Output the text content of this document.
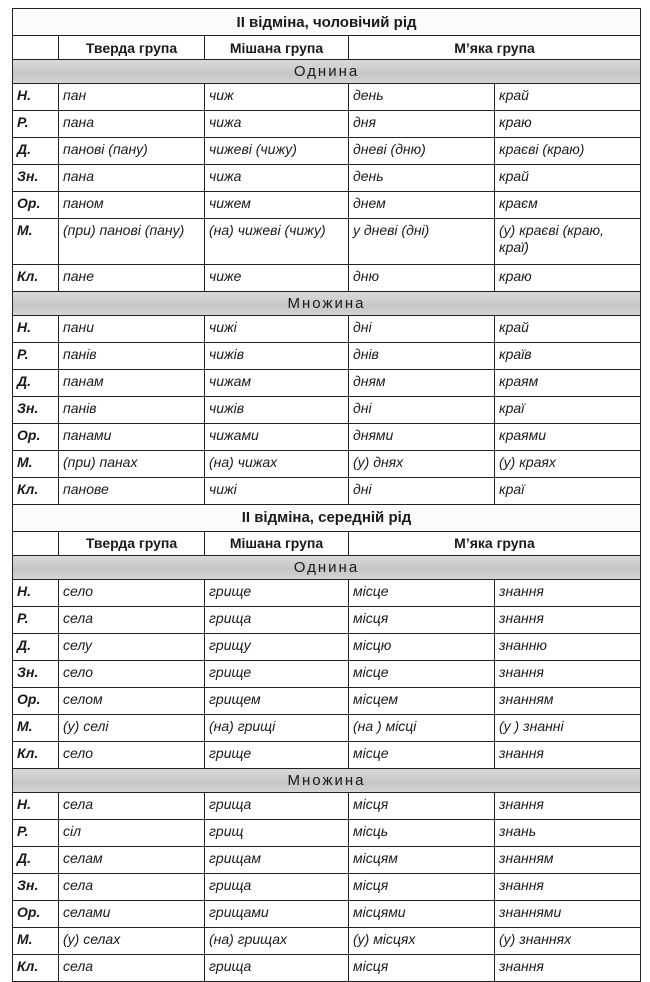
II відміна, чоловічий рід				
	Тверда група	Мішана група	М’яка група	
Однина				
Н.	пан	чиж	день	край
Р.	пана	чижа	дня	краю
Д.	панові (пану)	чижеві (чижу)	дневі (дню)	краєві (краю)
Зн.	пана	чижа	день	край
Ор.	паном	чижем	днем	краєм
М.	(при) панові (пану)	(на) чижеві (чижу)	у дневі (дні)	(у) краєві (краю, краї)
Кл.	пане	чиже	дню	краю
Множина				
Н.	пани	чижі	дні	край
Р.	панів	чижів	днів	країв
Д.	панам	чижам	дням	краям
Зн.	панів	чижів	дні	краї
Ор.	панами	чижами	днями	краями
М.	(при) панах	(на) чижах	(у) днях	(у) краях
Кл.	панове	чижі	дні	краї
II відміна, середній рід				
	Тверда група	Мішана група	М’яка група	
Однина				
Н.	село	грище	місце	знання
Р.	села	грища	місця	знання
Д.	селу	грищу	місцю	знанню
Зн.	село	грище	місце	знання
Ор.	селом	грищем	місцем	знанням
М.	(у) селі	(на) грищі	(на ) місці	(у ) знанні
Кл.	село	грище	місце	знання
Множина				
Н.	села	грища	місця	знання
Р.	сіл	грищ	місць	знань
Д.	селам	грищам	місцям	знанням
Зн.	села	грища	місця	знання
Ор.	селами	грищами	місцями	знаннями
М.	(у) селах	(на) грищах	(у) місцях	(у) знаннях
Кл.	села	грища	місця	знання
